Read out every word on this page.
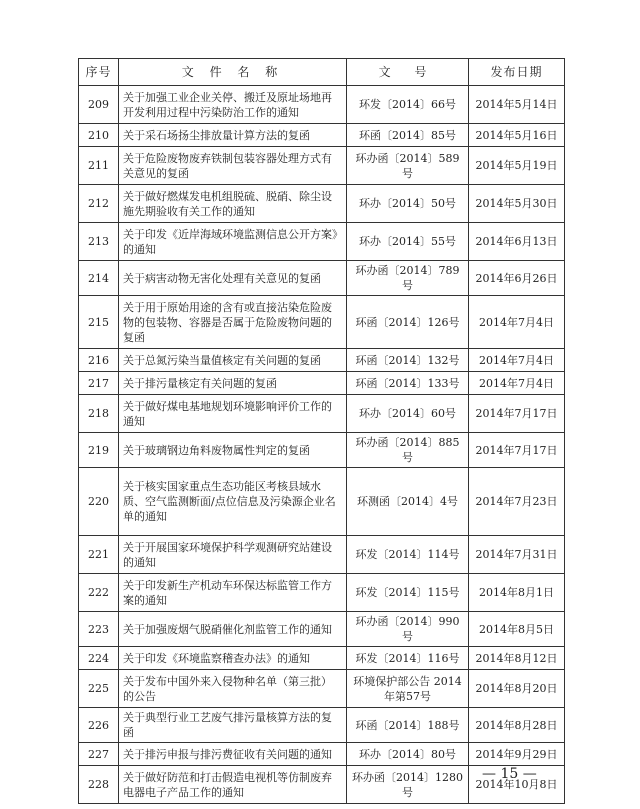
序号	文 件 名 称	文 号	发布日期
209	关于加强工业企业关停、搬迁及原址场地再开发利用过程中污染防治工作的通知	环发〔2014〕66号	2014年5月14日
210	关于采石场扬尘排放量计算方法的复函	环函〔2014〕85号	2014年5月16日
211	关于危险废物废弃铁制包装容器处理方式有关意见的复函	环办函〔2014〕589号	2014年5月19日
212	关于做好燃煤发电机组脱硫、脱硝、除尘设施先期验收有关工作的通知	环办〔2014〕50号	2014年5月30日
213	关于印发《近岸海域环境监测信息公开方案》的通知	环办〔2014〕55号	2014年6月13日
214	关于病害动物无害化处理有关意见的复函	环办函〔2014〕789号	2014年6月26日
215	关于用于原始用途的含有或直接沾染危险废物的包装物、容器是否属于危险废物问题的复函	环函〔2014〕126号	2014年7月4日
216	关于总氮污染当量值核定有关问题的复函	环函〔2014〕132号	2014年7月4日
217	关于排污量核定有关问题的复函	环函〔2014〕133号	2014年7月4日
218	关于做好煤电基地规划环境影响评价工作的通知	环办〔2014〕60号	2014年7月17日
219	关于玻璃钢边角料废物属性判定的复函	环办函〔2014〕885号	2014年7月17日
220	关于核实国家重点生态功能区考核县域水质、空气监测断面/点位信息及污染源企业名单的通知	环测函〔2014〕4号	2014年7月23日
221	关于开展国家环境保护科学观测研究站建设的通知	环发〔2014〕114号	2014年7月31日
222	关于印发新生产机动车环保达标监管工作方案的通知	环发〔2014〕115号	2014年8月1日
223	关于加强废烟气脱硝催化剂监管工作的通知	环办函〔2014〕990号	2014年8月5日
224	关于印发《环境监察稽查办法》的通知	环发〔2014〕116号	2014年8月12日
225	关于发布中国外来入侵物种名单（第三批）的公告	环境保护部公告 2014年第57号	2014年8月20日
226	关于典型行业工艺废气排污量核算方法的复函	环函〔2014〕188号	2014年8月28日
227	关于排污申报与排污费征收有关问题的通知	环办〔2014〕80号	2014年9月29日
228	关于做好防范和打击假造电视机等仿制废弃电器电子产品工作的通知	环办函〔2014〕1280号	2014年10月8日
— 15 —
